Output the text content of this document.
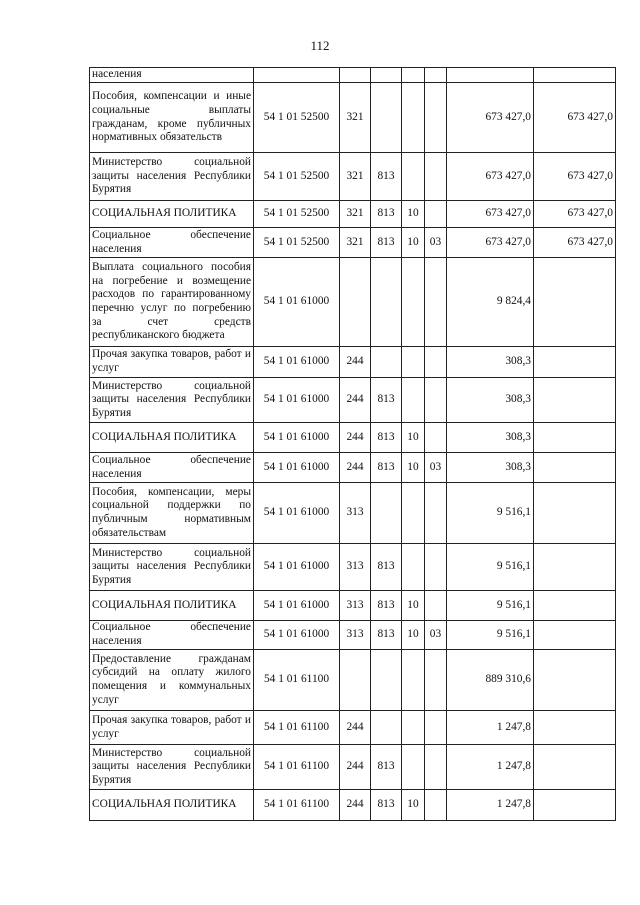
112
населения							
Пособия, компенсации и иные социальные выплаты гражданам, кроме публичных нормативных обязательств	54 1 01 52500	321				673 427,0	673 427,0
Министерство социальной защиты населения Республики Бурятия	54 1 01 52500	321	813			673 427,0	673 427,0
СОЦИАЛЬНАЯ ПОЛИТИКА	54 1 01 52500	321	813	10		673 427,0	673 427,0
Социальное обеспечение населения	54 1 01 52500	321	813	10	03	673 427,0	673 427,0
Выплата социального пособия на погребение и возмещение расходов по гарантированному перечню услуг по погребению за счет средств республиканского бюджета	54 1 01 61000					9 824,4	
Прочая закупка товаров, работ и услуг	54 1 01 61000	244				308,3	
Министерство социальной защиты населения Республики Бурятия	54 1 01 61000	244	813			308,3	
СОЦИАЛЬНАЯ ПОЛИТИКА	54 1 01 61000	244	813	10		308,3	
Социальное обеспечение населения	54 1 01 61000	244	813	10	03	308,3	
Пособия, компенсации, меры социальной поддержки по публичным нормативным обязательствам	54 1 01 61000	313				9 516,1	
Министерство социальной защиты населения Республики Бурятия	54 1 01 61000	313	813			9 516,1	
СОЦИАЛЬНАЯ ПОЛИТИКА	54 1 01 61000	313	813	10		9 516,1	
Социальное обеспечение населения	54 1 01 61000	313	813	10	03	9 516,1	
Предоставление гражданам субсидий на оплату жилого помещения и коммунальных услуг	54 1 01 61100					889 310,6	
Прочая закупка товаров, работ и услуг	54 1 01 61100	244				1 247,8	
Министерство социальной защиты населения Республики Бурятия	54 1 01 61100	244	813			1 247,8	
СОЦИАЛЬНАЯ ПОЛИТИКА	54 1 01 61100	244	813	10		1 247,8	
